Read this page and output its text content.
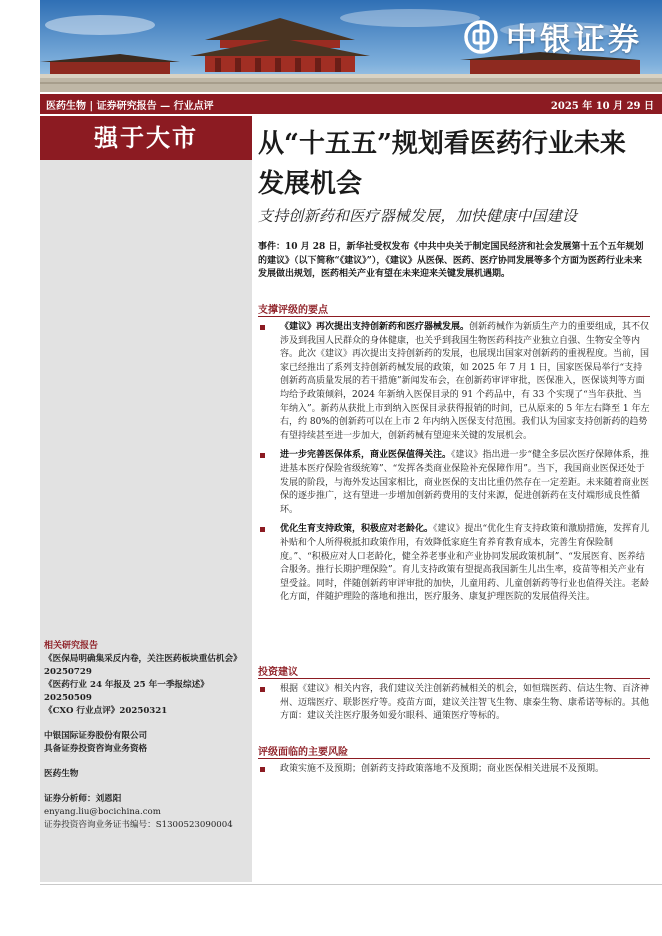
中银证券
医药生物 | 证券研究报告 — 行业点评	2025 年 10 月 29 日
强于大市
相关研究报告
《医保局明确集采反内卷，关注医药板块重估机会》20250729
《医药行业 24 年报及 25 年一季报综述》20250509
《CXO 行业点评》20250321
中银国际证券股份有限公司
具备证券投资咨询业务资格
医药生物
证券分析师：刘恩阳
enyang.liu@bocichina.com
证券投资咨询业务证书编号：S1300523090004
从“十五五”规划看医药行业未来发展机会
支持创新药和医疗器械发展，加快健康中国建设
事件：10 月 28 日，新华社受权发布《中共中央关于制定国民经济和社会发展第十五个五年规划的建议》（以下简称“《建议》”），《建议》从医保、医药、医疗协同发展等多个方面为医药行业未来发展做出规划，医药相关产业有望在未来迎来关键发展机遇期。
支撑评级的要点
《建议》再次提出支持创新药和医疗器械发展。创新药械作为新质生产力的重要组成，其不仅涉及到我国人民群众的身体健康，也关乎到我国生物医药科技产业独立自强、生物安全等内容。此次《建议》再次提出支持创新药的发展，也展现出国家对创新药的重视程度。当前，国家已经推出了系列支持创新药械发展的政策，如 2025 年 7 月 1 日，国家医保局举行“支持创新药高质量发展的若干措施”新闻发布会，在创新药审评审批，医保准入，医保谈判等方面均给予政策倾斜，2024 年新纳入医保目录的 91 个药品中，有 33 个实现了“当年获批、当年纳入”。新药从获批上市到纳入医保目录获得报销的时间，已从原来的 5 年左右降至 1 年左右，约 80%的创新药可以在上市 2 年内纳入医保支付范围。我们认为国家支持创新药的趋势有望持续甚至进一步加大，创新药械有望迎来关键的发展机会。
进一步完善医保体系，商业医保值得关注。《建议》指出进一步“健全多层次医疗保障体系，推进基本医疗保险省级统筹”、“发挥各类商业保险补充保障作用”。当下，我国商业医保还处于发展的阶段，与海外发达国家相比，商业医保的支出比重仍然存在一定差距。未来随着商业医保的逐步推广，这有望进一步增加创新药费用的支付来源，促进创新药在支付端形成良性循环。
优化生育支持政策，积极应对老龄化。《建议》提出“优化生育支持政策和激励措施，发挥育儿补贴和个人所得税抵扣政策作用，有效降低家庭生育养育教育成本，完善生育保险制度。”、“积极应对人口老龄化，健全养老事业和产业协同发展政策机制”、“发展医育、医养结合服务。推行长期护理保险”。育儿支持政策有望提高我国新生儿出生率，疫苗等相关产业有望受益。同时，伴随创新药审评审批的加快，儿童用药、儿童创新药等行业也值得关注。老龄化方面，伴随护理险的落地和推出，医疗服务、康复护理医院的发展值得关注。
投资建议
根据《建议》相关内容，我们建议关注创新药械相关的机会，如恒瑞医药、信达生物、百济神州、迈瑞医疗、联影医疗等。疫苗方面，建议关注智飞生物、康泰生物、康希诺等标的。其他方面：建议关注医疗服务如爱尔眼科、通策医疗等标的。
评级面临的主要风险
政策实施不及预期；创新药支持政策落地不及预期；商业医保相关进展不及预期。
